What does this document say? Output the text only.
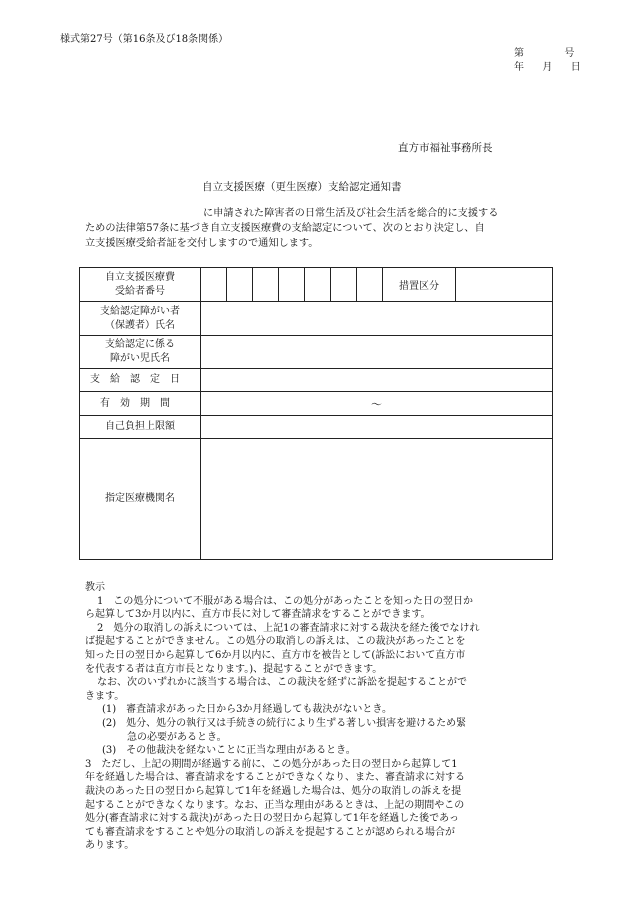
様式第27号（第16条及び18条関係）
第	号
年 月 日
直方市福祉事務所長
自立支援医療（更生医療）支給認定通知書

に申請された障害者の日常生活及び社会生活を総合的に支援する

ための法律第57条に基づき自立支援医療費の支給認定について、次のとおり決定し、自

立支援医療受給者証を交付しますので通知します。

自立支援医療費
受給者番号								措置区分	

支給認定障がい者
（保護者）氏名									

支給認定に係る
障がい児氏名									

支給認定日									
有効期間	～								
自己負担上限額									
指定医療機関名									

教示

1　この処分について不服がある場合は、この処分があったことを知った日の翌日か

ら起算して3か月以内に、直方市長に対して審査請求をすることができます。

2　処分の取消しの訴えについては、上記1の審査請求に対する裁決を経た後でなけれ

ば提起することができません。この処分の取消しの訴えは、この裁決があったことを

知った日の翌日から起算して6か月以内に、直方市を被告として(訴訟において直方市

を代表する者は直方市長となります。)、提起することができます。

なお、次のいずれかに該当する場合は、この裁決を経ずに訴訟を提起することがで

きます。

(1)　審査請求があった日から3か月経過しても裁決がないとき。

(2)　処分、処分の執行又は手続きの続行により生ずる著しい損害を避けるため緊

急の必要があるとき。

(3)　その他裁決を経ないことに正当な理由があるとき。

3　ただし、上記の期間が経過する前に、この処分があった日の翌日から起算して1

年を経過した場合は、審査請求をすることができなくなり、また、審査請求に対する

裁決のあった日の翌日から起算して1年を経過した場合は、処分の取消しの訴えを提

起することができなくなります。なお、正当な理由があるときは、上記の期間やこの

処分(審査請求に対する裁決)があった日の翌日から起算して1年を経過した後であっ

ても審査請求をすることや処分の取消しの訴えを提起することが認められる場合が

あります。
